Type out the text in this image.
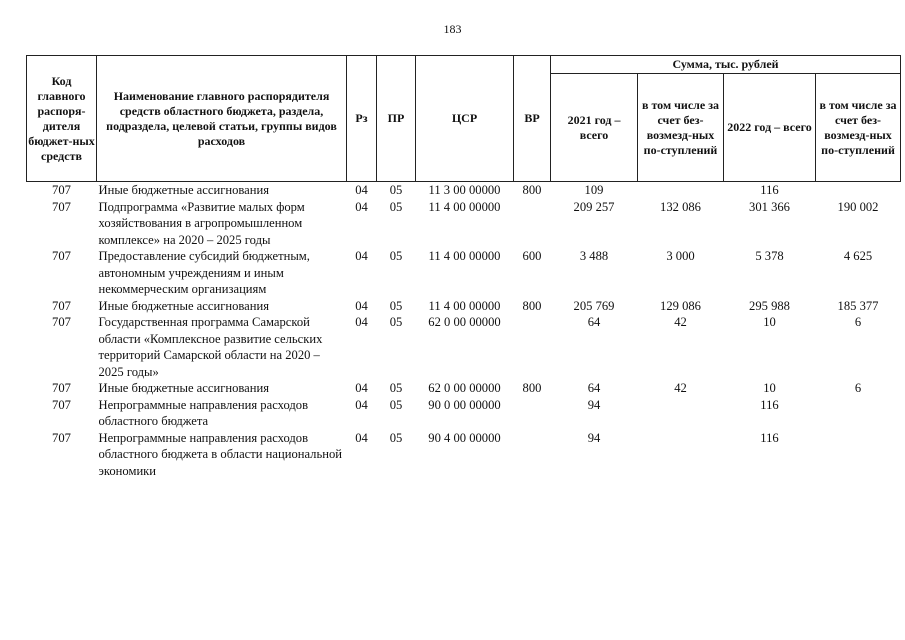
183
Код главного распоря-дителя бюджет-ных средств	Наименование главного распорядителя средств областного бюджета, раздела, подраздела, целевой статьи, группы видов расходов	Рз	ПР	ЦСР	ВР	Сумма, тыс. рублей			
						2021 год – всего	в том числе за счет без-возмезд-ных по-ступлений	2022 год – всего	в том числе за счет без-возмезд-ных по-ступлений
707	Иные бюджетные ассигнования	04	05	11 3 00 00000	800	109		116	
707	Подпрограмма «Развитие малых форм хозяйствования в агропромышленном комплексе» на 2020 – 2025 годы	04	05	11 4 00 00000		209 257	132 086	301 366	190 002
707	Предоставление субсидий бюджетным, автономным учреждениям и иным некоммерческим организациям	04	05	11 4 00 00000	600	3 488	3 000	5 378	4 625
707	Иные бюджетные ассигнования	04	05	11 4 00 00000	800	205 769	129 086	295 988	185 377
707	Государственная программа Самарской области «Комплексное развитие сельских территорий Самарской области на 2020 – 2025 годы»	04	05	62 0 00 00000		64	42	10	6
707	Иные бюджетные ассигнования	04	05	62 0 00 00000	800	64	42	10	6
707	Непрограммные направления расходов областного бюджета	04	05	90 0 00 00000		94		116	
707	Непрограммные направления расходов областного бюджета в области национальной экономики	04	05	90 4 00 00000		94		116	
